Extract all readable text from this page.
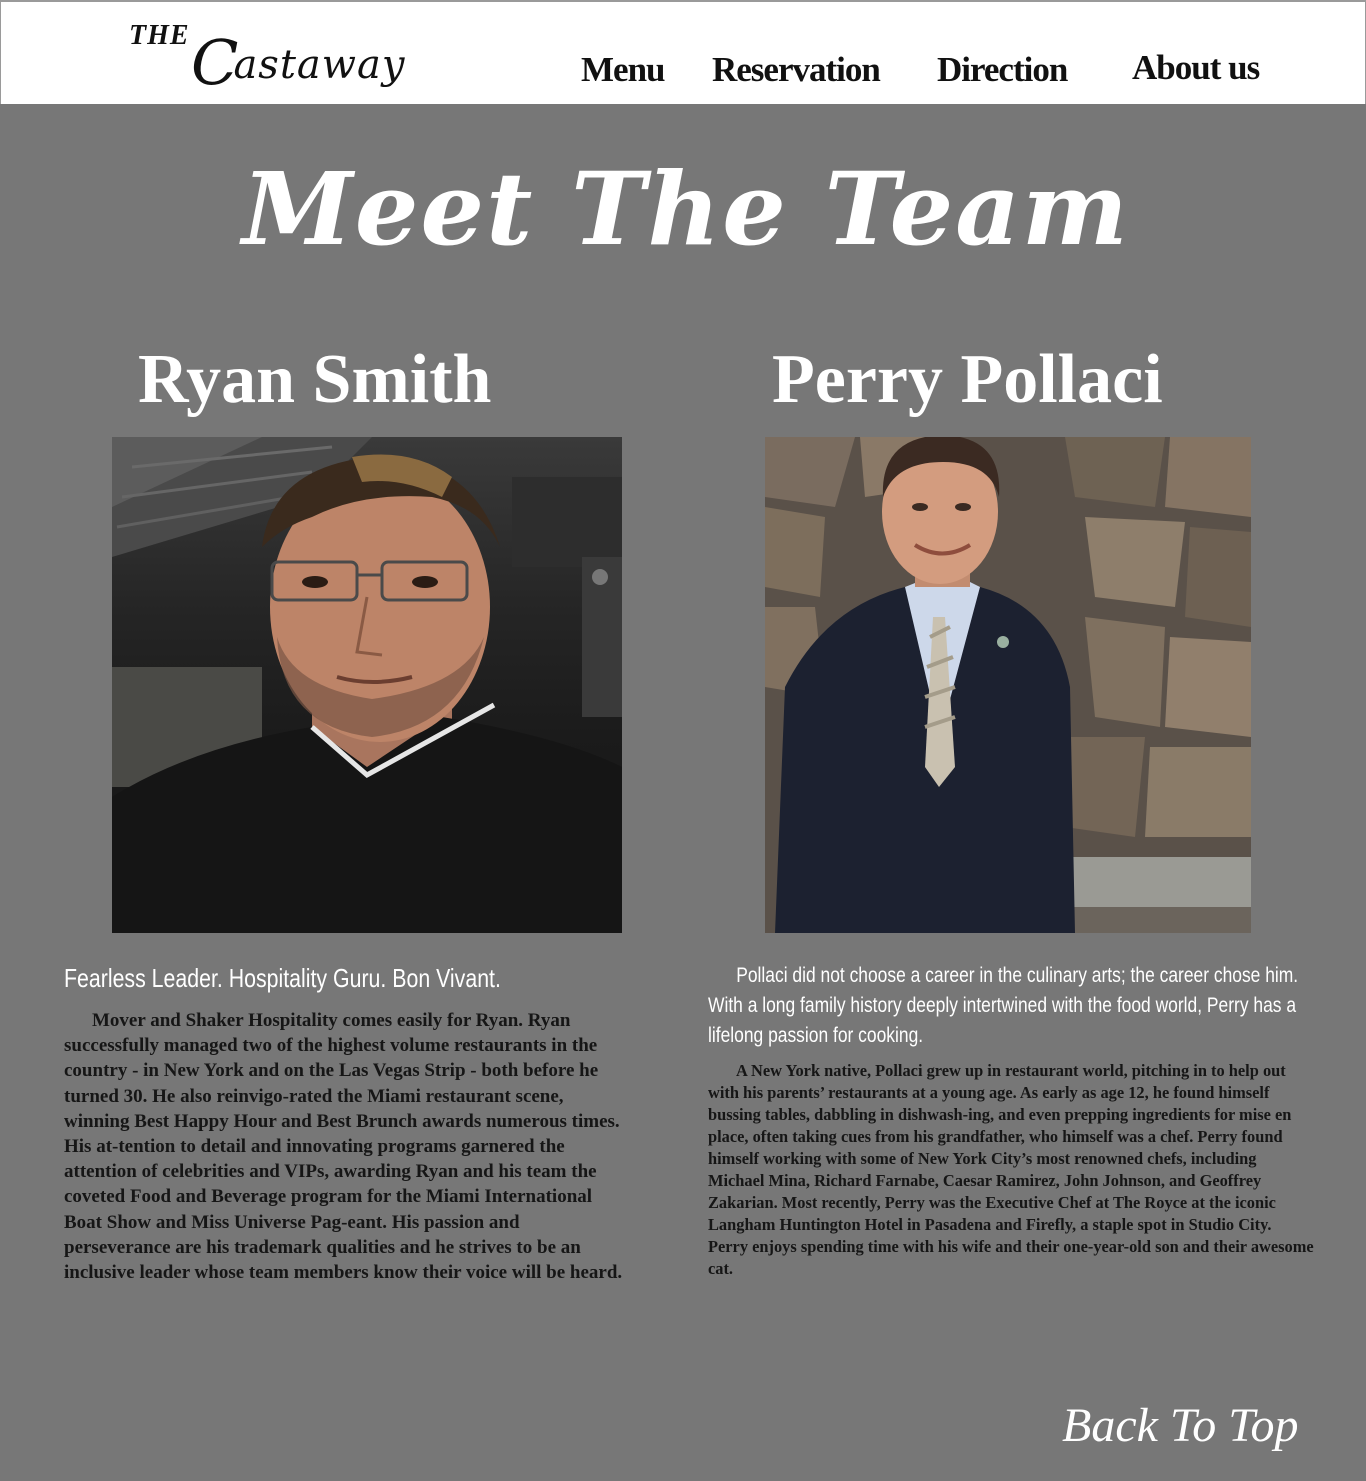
THE Castaway	Menu Reservation Direction About us
Meet The Team
Ryan Smith
Fearless Leader. Hospitality Guru. Bon Vivant.

Mover and Shaker Hospitality comes easily for Ryan. Ryan successfully managed two of the highest volume restaurants in the country - in New York and on the Las Vegas Strip - both before he turned 30. He also reinvigo-rated the Miami restaurant scene, winning Best Happy Hour and Best Brunch awards numerous times. His at-tention to detail and innovating programs garnered the attention of celebrities and VIPs, awarding Ryan and his team the coveted Food and Beverage program for the Miami International Boat Show and Miss Universe Pag-eant. His passion and perseverance are his trademark qualities and he strives to be an inclusive leader whose team members know their voice will be heard.

Perry Pollaci
Pollaci did not choose a career in the culinary arts; the career chose him. With a long family history deeply intertwined with the food world, Perry has a lifelong passion for cooking.

A New York native, Pollaci grew up in restaurant world, pitching in to help out with his parents’ restaurants at a young age. As early as age 12, he found himself bussing tables, dabbling in dishwash-ing, and even prepping ingredients for mise en place, often taking cues from his grandfather, who himself was a chef. Perry found himself working with some of New York City’s most renowned chefs, including Michael Mina, Richard Farnabe, Caesar Ramirez, John Johnson, and Geoffrey Zakarian. Most recently, Perry was the Executive Chef at The Royce at the iconic Langham Huntington Hotel in Pasadena and Firefly, a staple spot in Studio City. Perry enjoys spending time with his wife and their one-year-old son and their awesome cat.

Back To Top
